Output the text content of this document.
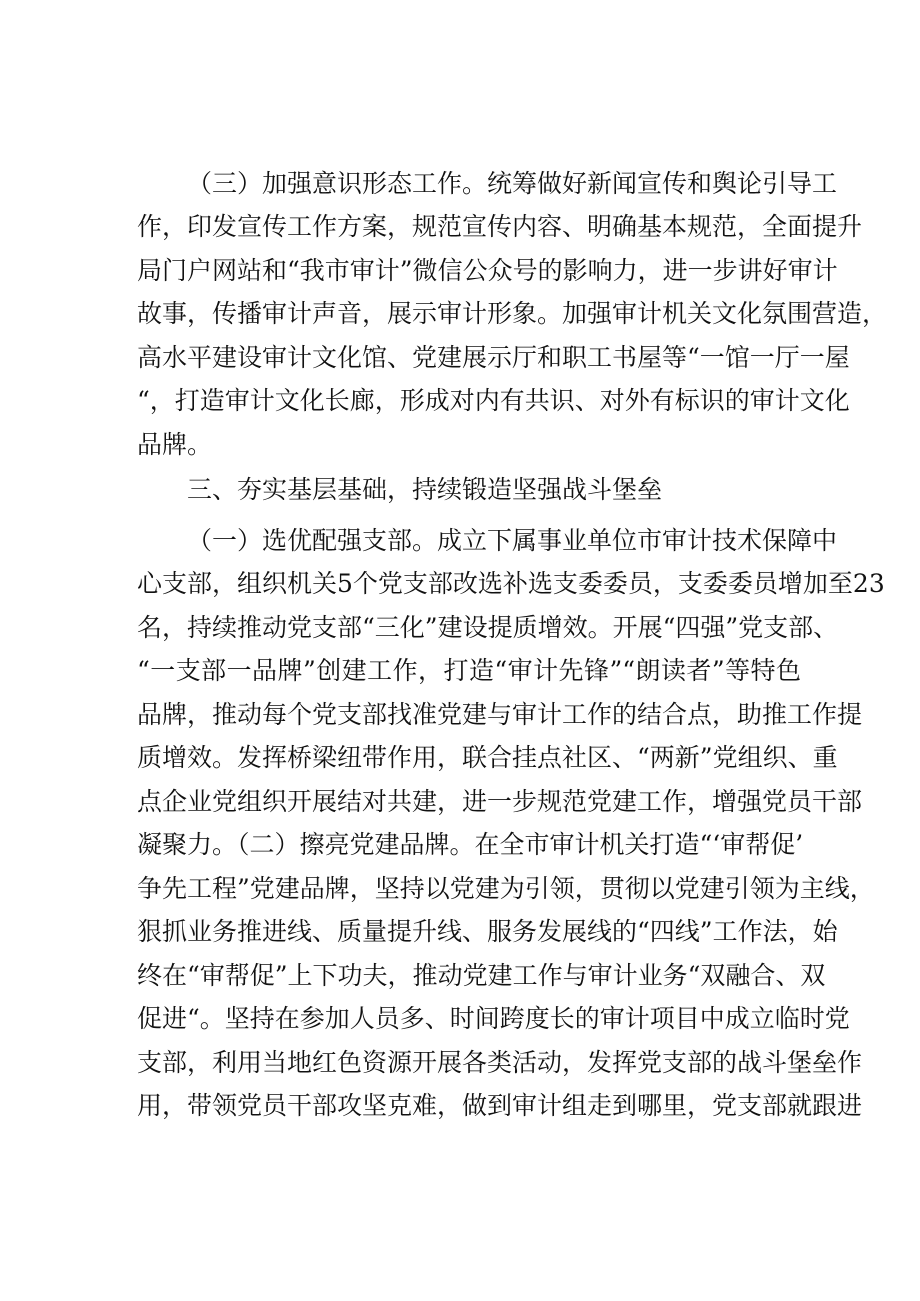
（三）加强意识形态工作。统筹做好新闻宣传和舆论引导工
作，印发宣传工作方案，规范宣传内容、明确基本规范，全面提升
局门户网站和“我市审计”微信公众号的影响力，进一步讲好审计
故事，传播审计声音，展示审计形象。加强审计机关文化氛围营造，
高水平建设审计文化馆、党建展示厅和职工书屋等“一馆一厅一屋
“，打造审计文化长廊，形成对内有共识、对外有标识的审计文化
品牌。
三、夯实基层基础，持续锻造坚强战斗堡垒
（一）选优配强支部。成立下属事业单位市审计技术保障中
心支部，组织机关5个党支部改选补选支委委员，支委委员增加至23
名，持续推动党支部“三化”建设提质增效。开展“四强”党支部、
“一支部一品牌”创建工作，打造“审计先锋”“朗读者”等特色
品牌，推动每个党支部找准党建与审计工作的结合点，助推工作提
质增效。发挥桥梁纽带作用，联合挂点社区、“两新”党组织、重
点企业党组织开展结对共建，进一步规范党建工作，增强党员干部
凝聚力。（二）擦亮党建品牌。在全市审计机关打造“‘审帮促’
争先工程”党建品牌，坚持以党建为引领，贯彻以党建引领为主线，
狠抓业务推进线、质量提升线、服务发展线的“四线”工作法，始
终在“审帮促”上下功夫，推动党建工作与审计业务“双融合、双
促进“。坚持在参加人员多、时间跨度长的审计项目中成立临时党
支部，利用当地红色资源开展各类活动，发挥党支部的战斗堡垒作
用，带领党员干部攻坚克难，做到审计组走到哪里，党支部就跟进
